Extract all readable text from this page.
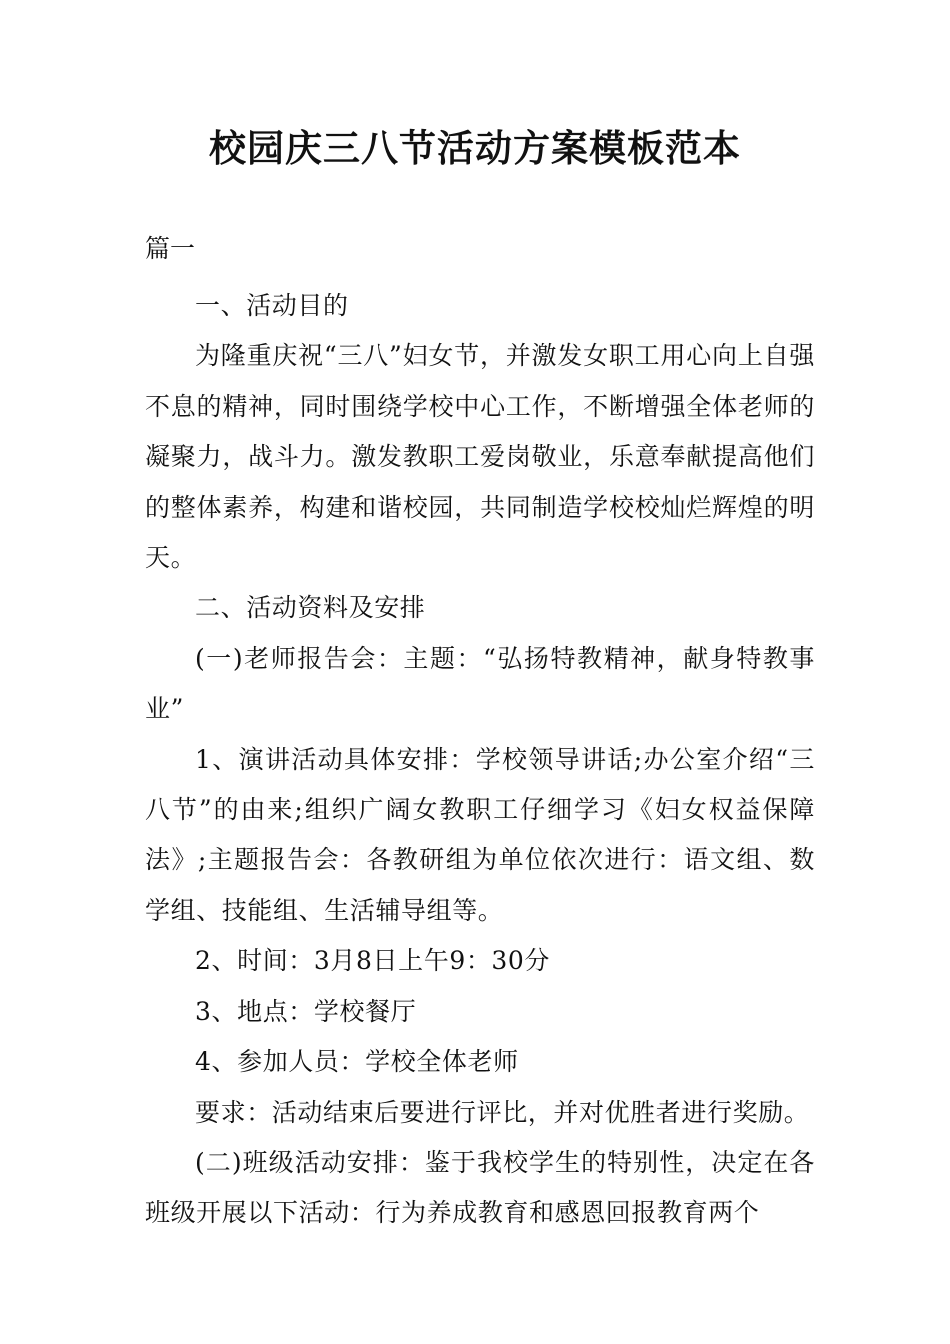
校园庆三八节活动方案模板范本
篇一

一、活动目的

为隆重庆祝“三八”妇女节，并激发女职工用心向上自强不息的精神，同时围绕学校中心工作，不断增强全体老师的凝聚力，战斗力。激发教职工爱岗敬业，乐意奉献提高他们的整体素养，构建和谐校园，共同制造学校校灿烂辉煌的明天。

二、活动资料及安排

(一)老师报告会：主题：“弘扬特教精神，献身特教事业”

1、演讲活动具体安排：学校领导讲话;办公室介绍“三八节”的由来;组织广阔女教职工仔细学习《妇女权益保障法》;主题报告会：各教研组为单位依次进行：语文组、数学组、技能组、生活辅导组等。

2、时间：3月8日上午9：30分

3、地点：学校餐厅

4、参加人员：学校全体老师

要求：活动结束后要进行评比，并对优胜者进行奖励。

(二)班级活动安排：鉴于我校学生的特别性，决定在各班级开展以下活动：行为养成教育和感恩回报教育两个
